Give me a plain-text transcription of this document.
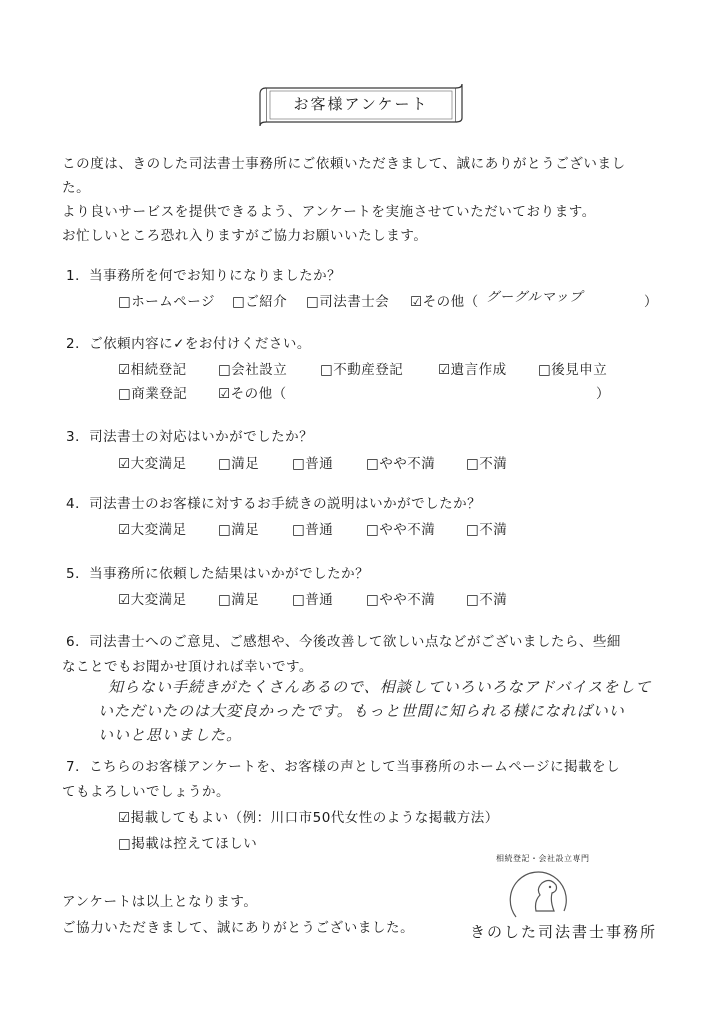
お客様アンケート
この度は、きのした司法書士事務所にご依頼いただきまして、誠にありがとうございまし
た。
より良いサービスを提供できるよう、アンケートを実施させていただいております。
お忙しいところ恐れ入りますがご協力お願いいたします。
1．当事務所を何でお知りになりましたか？
□ホームページ □ご紹介 □司法書士会 ☑その他（ グーグルマップ	）
2．ご依頼内容に✓をお付けください。
☑相続登記 □会社設立 □不動産登記	☑遺言作成 □後見申立
□商業登記 ☑その他（	）
3．司法書士の対応はいかがでしたか？
☑大変満足 □満足 □普通 □やや不満 □不満
4．司法書士のお客様に対するお手続きの説明はいかがでしたか？
☑大変満足 □満足 □普通 □やや不満 □不満
5．当事務所に依頼した結果はいかがでしたか？
☑大変満足 □満足 □普通 □やや不満 □不満
6．司法書士へのご意見、ご感想や、今後改善して欲しい点などがございましたら、些細
なことでもお聞かせ頂ければ幸いです。
知らない手続きがたくさんあるので、相談していろいろなアドバイスをして
いただいたのは大変良かったです。もっと世間に知られる様になればいい
いいと思いました。
7．こちらのお客様アンケートを、お客様の声として当事務所のホームページに掲載をし
てもよろしいでしょうか。
☑掲載してもよい（例：川口市50代女性のような掲載方法）
□掲載は控えてほしい
アンケートは以上となります。
ご協力いただきまして、誠にありがとうございました。
相続登記・会社設立専門
きのした司法書士事務所
